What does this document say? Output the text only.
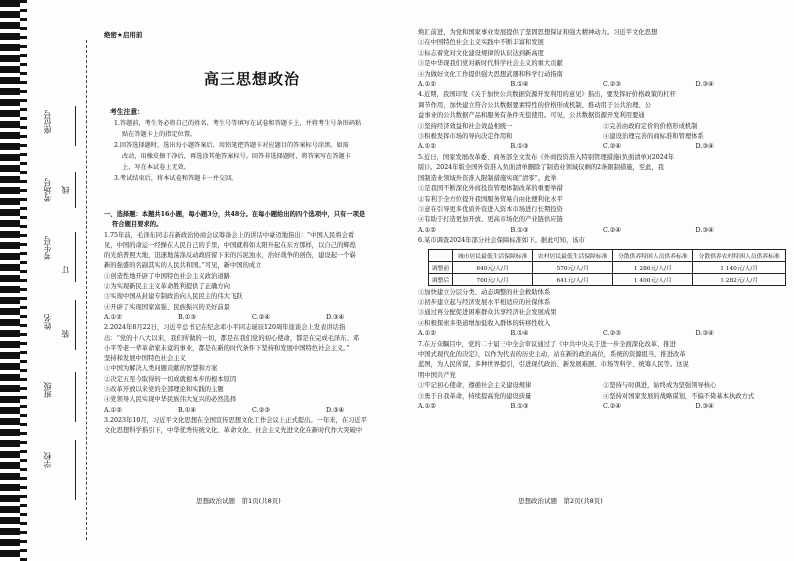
座位号
考场号
考生号
姓名
班级
学校
线
订
装
绝密★启用前
高三思想政治
考生注意：
1.答题前，考生务必将自己的姓名、考生号等填写在试卷和答题卡上，并将考生号条形码粘
贴在答题卡上的指定位置。
2.回答选择题时，选出每小题答案后，用铅笔把答题卡对应题目的答案标号涂黑。如需
改动，用橡皮擦干净后，再选涂其他答案标号。回答非选择题时，将答案写在答题卡
上，写在本试卷上无效。
3.考试结束后，将本试卷和答题卡一并交回。
一、选择题：本题共16小题，每小题3分，共48分。在每小题给出的四个选项中，只有一项是
符合题目要求的。
1.75年前，毛泽东同志在新政治协商会议筹备会上的讲话中豪迈地指出：“中国人民将会看
见，中国的命运一经操在人民自己的手里，中国就将如太阳升起在东方那样，以自己的辉煌
的光焰普照大地，迅速地荡涤反动政府留下来的污泥浊水，治好战争的创伤，建设起一个崭
新的强盛的名副其实的人民共和国。”可见，新中国的成立
①创造性地开辟了中国特色社会主义政治道路
②为实现新民主主义革命胜利提供了正确方向
③实现中国从封建专制政治向人民民主的伟大飞跃
④开辟了实现国家富强、民族振兴的美好前景
A.①②	B.①③	C.②④	D.③④
2.2024年8月22日，习近平总书记在纪念邓小平同志诞辰120周年座谈会上发表讲话指
出：“党的十八大以来，我们所做的一切，都是在我们党的初心使命，都是在完成毛泽东、邓
小平等老一辈革命家未竟的事业，都是在新的时代条件下坚持和发展中国特色社会主义。”
坚持和发展中国特色社会主义
①中国为解决人类问题贡献的智慧和方案
②决定五至今取得的一切成就根本步的根本原因
③改革开放以来党的全部理论和实践的主题
④党领导人民实现中华民族伟大复兴的必然选择
A.①②	B.①④	C.②③	D.③④
3.2023年10月，习近平文化思想在全国宣传思想文化工作会议上正式提出。一年来，在习近平
文化思想科学指引下，中华优秀传统文化、革命文化、社会主义先进文化在新时代作大突破中
思想政治试题　第1页(共8页)
焕汇前进，为党和国家事业发展提供了坚固思想保证和强大精神动力。习近平文化思想
①在中国特色社会主义实践中不断丰富和发展
②标志着党对文化建设规律的认识达到新高度
③是中华现我们党对新时代科学社会主义的重大贡献
④为做好文化工作提供强大思想武器和科学行动指南
A.①②	B.①④	C.②③	D.③④
4.近期，我国印发《关于加快公共数据资源开发利用的意见》指出，要发挥好价格政策的杠杆
调节作用，加快建立符合公共数据要素特性的价格形成机制，推动用于公共治理、公
益事业的公共数据产品和服务有条件无偿使用。可见，公共数据资源开发利用要通
①坚持经济效益和社会效益相统一	②完善由政府定价的价格形成机制
③积极发挥市场的导向决定作用和	④建设治理完善的商标准和管理体系
A.①②	B.①③	C.②④	D.③④
5.近日，国家发展改革委、商务部全文发布《外商投资准入特别管理措施(负面清单)(2024年
版)》。2024年版全国外资准入负面清单删除了制造业领域仅剩的2条限制措施，至此，我
国制造业领域外资准入限制措施实现“清零”。此举
①是我国不断深化外商投资管理体制改革的重要举措
②有利于全方位提升我国服务贸易自由化便利化水平
③意在引导更多优质外资进入资本市场进行长期投资
④有助于打造更加开放、更高市场化的产业链供应链
A.①②	B.①③	C.②④	D.③④
6.某市调查2024年部分社会保障标准如下。据此可知，该市
	城市居民最低生活保障标准	农村居民最低生活保障标准	分散供养特困人员供养标准	分散供养农村特困人员供养标准
调整前	640元/人/月	570元/人/月	1 280元/人/月	1 140元/人/月
调整后	700元/人/月	641元/人/月	1 400元/人/月	1 282元/人/月
①加快建立分层分类、动态调整的社会救助体系
②初步建立起与经济发展水平相适应的社保体系
③通过再分配促进困难群众共享经济社会发展成果
④积极探索多渠道增加低收入群体的转移性收入
A.①②	B.①④	C.②③	D.③④
7.在万众瞩目中，党的二十届三中全会审议通过了《中共中央关于进一步全面深化改革、推进
中国式现代化的决定》，以作为代表的历史主动，站在新的政治高位，系统的资源组当，推进改革
蓝图，为人民所谋，多种世界提引，引进现代政治、新发展难题、市场等科学、统筹人民等。这说
明中国共产党
①牢记初心使命，遵循社会主义建设规律	②坚持与时俱进，始终成为坚强领导核心
③勇于自我革命，持续提高党的建设质量	④坚持对国家发展的战略谋划，不偏不倚基本执政方式
A.①②	B.①③	C.②④	D.③④
思想政治试题　第2页(共8页)
